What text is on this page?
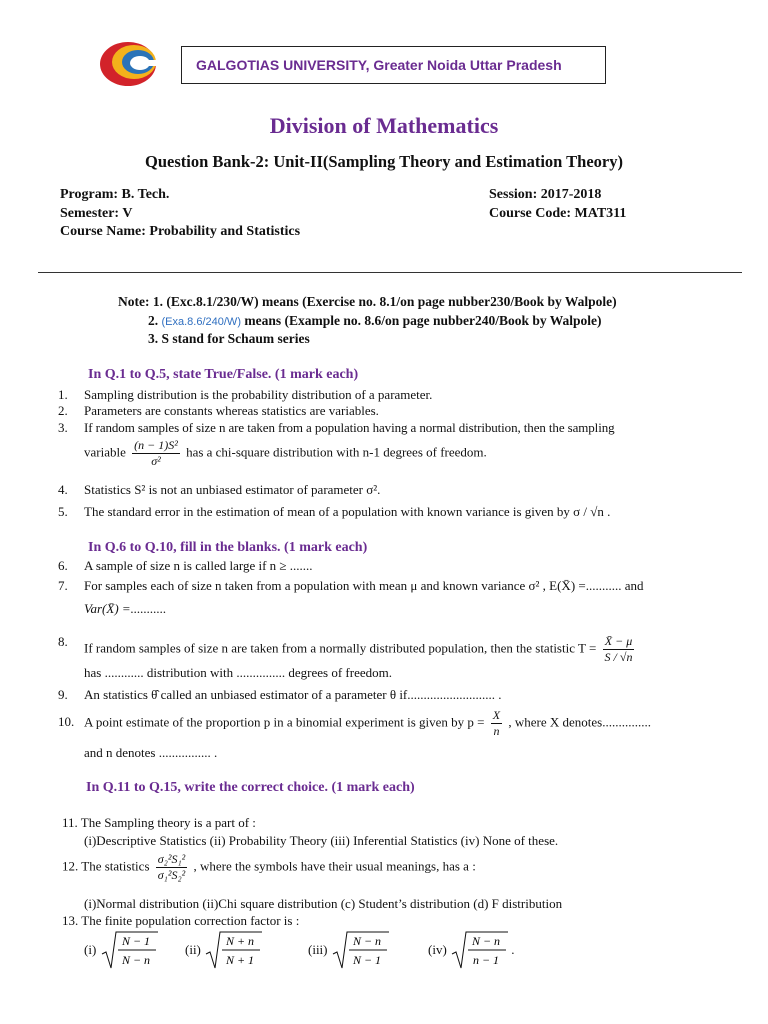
GALGOTIAS UNIVERSITY, Greater Noida Uttar Pradesh
Division of Mathematics
Question Bank-2: Unit-II(Sampling Theory and Estimation Theory)
Program: B. Tech.
Semester: V
Course Name: Probability and Statistics
Session: 2017-2018
Course Code: MAT311
Note: 1. (Exc.8.1/230/W) means (Exercise no. 8.1/on page nubber230/Book by Walpole)
2. (Exa.8.6/240/W) means (Example no. 8.6/on page nubber240/Book by Walpole)
3. S stand for Schaum series
In Q.1 to Q.5, state True/False. (1 mark each)
1. Sampling distribution is the probability distribution of a parameter.
2. Parameters are constants whereas statistics are variables.
3. If random samples of size n are taken from a population having a normal distribution, then the sampling
variable $\frac{\text{(n − 1)S²}}{\text{σ²}}$ has a chi-square distribution with n-1 degrees of freedom.
4. Statistics S² is not an unbiased estimator of parameter σ².
5. The standard error in the estimation of mean of a population with known variance is given by σ / √n .
In Q.6 to Q.10, fill in the blanks. (1 mark each)
6. A sample of size n is called large if n ≥ .......
7. For samples each of size n taken from a population with mean μ and known variance σ² , E(X̄) =........... and
Var(X̄) =...........
8. If random samples of size n are taken from a normally distributed population, then the statistic $T = \frac{X̄ - \mu}{S / √n}$
has ............ distribution with ............... degrees of freedom.
9. An statistics θ̂ called an unbiased estimator of a parameter θ if........................... .
10. A point estimate of the proportion p in a binomial experiment is given by $p = \frac{X}{n}$ , where X denotes...............
and n denotes ................ .
In Q.11 to Q.15, write the correct choice. (1 mark each)
11. The Sampling theory is a part of :
(i)Descriptive Statistics (ii) Probability Theory (iii) Inferential Statistics (iv) None of these.
12. The statistics $\frac{\text{σ₂²S₁²}}{\text{σ₁²S₂²}}$ , where the symbols have their usual meanings, has a :
(i)Normal distribution (ii)Chi square distribution (c) Student’s distribution (d) F distribution
13. The finite population correction factor is :
(i)
N − 1
N − n
(ii)
N + n
N + 1
(iii)
N − n
N − 1
(iv)
N − n
n − 1
.
